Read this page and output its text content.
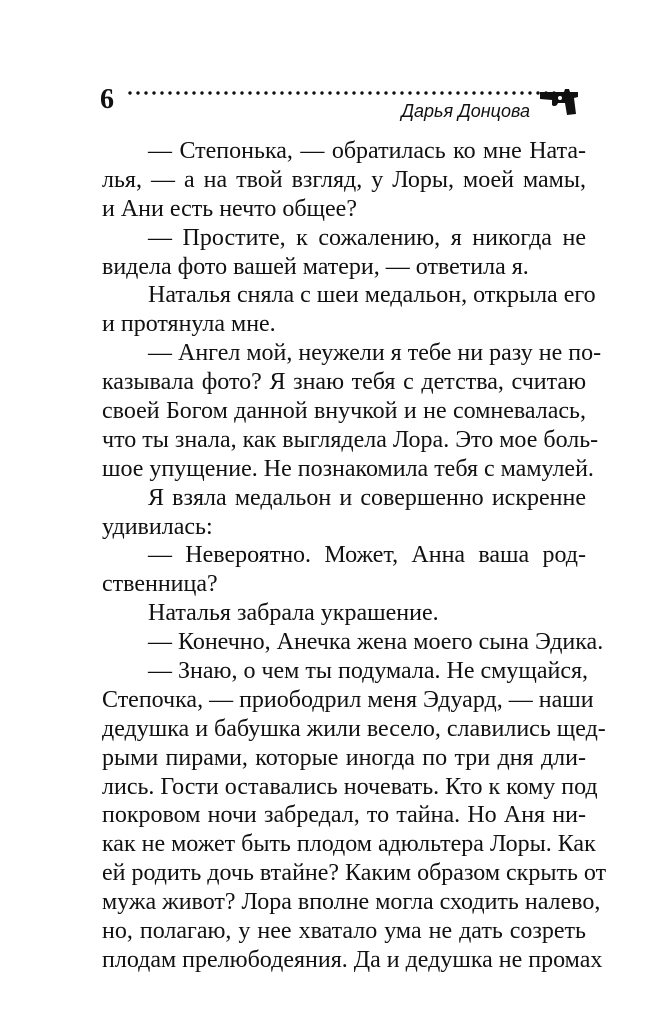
6	Дарья Донцова
— Степонька, — обратилась ко мне Ната-
лья, — а на твой взгляд, у Лоры, моей мамы,
и Ани есть нечто общее?
— Простите, к сожалению, я никогда не
видела фото вашей матери, — ответила я.
Наталья сняла с шеи медальон, открыла его
и протянула мне.
— Ангел мой, неужели я тебе ни разу не по-
казывала фото? Я знаю тебя с детства, считаю
своей Богом данной внучкой и не сомневалась,
что ты знала, как выглядела Лора. Это мое боль-
шое упущение. Не познакомила тебя с мамулей.
Я взяла медальон и совершенно искренне
удивилась:
— Невероятно. Может, Анна ваша род-
ственница?
Наталья забрала украшение.
— Конечно, Анечка жена моего сына Эдика.
— Знаю, о чем ты подумала. Не смущайся,
Степочка, — приободрил меня Эдуард, — наши
дедушка и бабушка жили весело, славились щед-
рыми пирами, которые иногда по три дня дли-
лись. Гости оставались ночевать. Кто к кому под
покровом ночи забредал, то тайна. Но Аня ни-
как не может быть плодом адюльтера Лоры. Как
ей родить дочь втайне? Каким образом скрыть от
мужа живот? Лора вполне могла сходить налево,
но, полагаю, у нее хватало ума не дать созреть
плодам прелюбодеяния. Да и дедушка не промах
